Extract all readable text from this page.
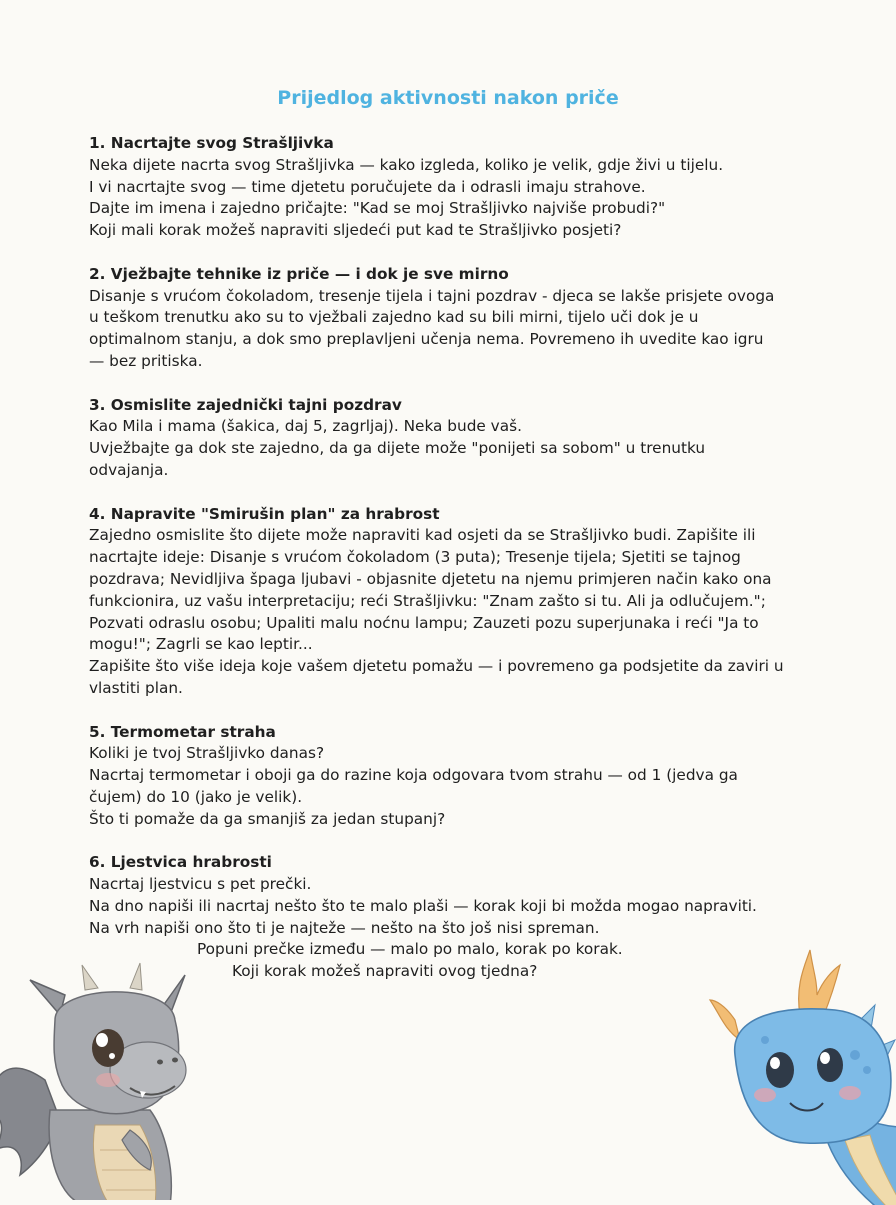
Prijedlog aktivnosti nakon priče
1. Nacrtajte svog Strašljivka

Neka dijete nacrta svog Strašljivka — kako izgleda, koliko je velik, gdje živi u tijelu.

I vi nacrtajte svog — time djetetu poručujete da i odrasli imaju strahove.

Dajte im imena i zajedno pričajte: "Kad se moj Strašljivko najviše probudi?"

Koji mali korak možeš napraviti sljedeći put kad te Strašljivko posjeti?

2. Vježbajte tehnike iz priče — i dok je sve mirno

Disanje s vrućom čokoladom, tresenje tijela i tajni pozdrav - djeca se lakše prisjete ovoga

u teškom trenutku ako su to vježbali zajedno kad su bili mirni, tijelo uči dok je u

optimalnom stanju, a dok smo preplavljeni učenja nema. Povremeno ih uvedite kao igru

— bez pritiska.

3. Osmislite zajednički tajni pozdrav

Kao Mila i mama (šakica, daj 5, zagrljaj). Neka bude vaš.

Uvježbajte ga dok ste zajedno, da ga dijete može "ponijeti sa sobom" u trenutku

odvajanja.

4. Napravite "Smirušin plan" za hrabrost

Zajedno osmislite što dijete može napraviti kad osjeti da se Strašljivko budi. Zapišite ili

nacrtajte ideje: Disanje s vrućom čokoladom (3 puta); Tresenje tijela; Sjetiti se tajnog

pozdrava; Nevidljiva špaga ljubavi - objasnite djetetu na njemu primjeren način kako ona

funkcionira, uz vašu interpretaciju; reći Strašljivku: "Znam zašto si tu. Ali ja odlučujem.";

Pozvati odraslu osobu; Upaliti malu noćnu lampu; Zauzeti pozu superjunaka i reći "Ja to

mogu!"; Zagrli se kao leptir...

Zapišite što više ideja koje vašem djetetu pomažu — i povremeno ga podsjetite da zaviri u

vlastiti plan.

5. Termometar straha

Koliki je tvoj Strašljivko danas?

Nacrtaj termometar i oboji ga do razine koja odgovara tvom strahu — od 1 (jedva ga

čujem) do 10 (jako je velik).

Što ti pomaže da ga smanjiš za jedan stupanj?

6. Ljestvica hrabrosti

Nacrtaj ljestvicu s pet prečki.

Na dno napiši ili nacrtaj nešto što te malo plaši — korak koji bi možda mogao napraviti.

Na vrh napiši ono što ti je najteže — nešto na što još nisi spreman.

Popuni prečke između — malo po malo, korak po korak.

Koji korak možeš napraviti ovog tjedna?
